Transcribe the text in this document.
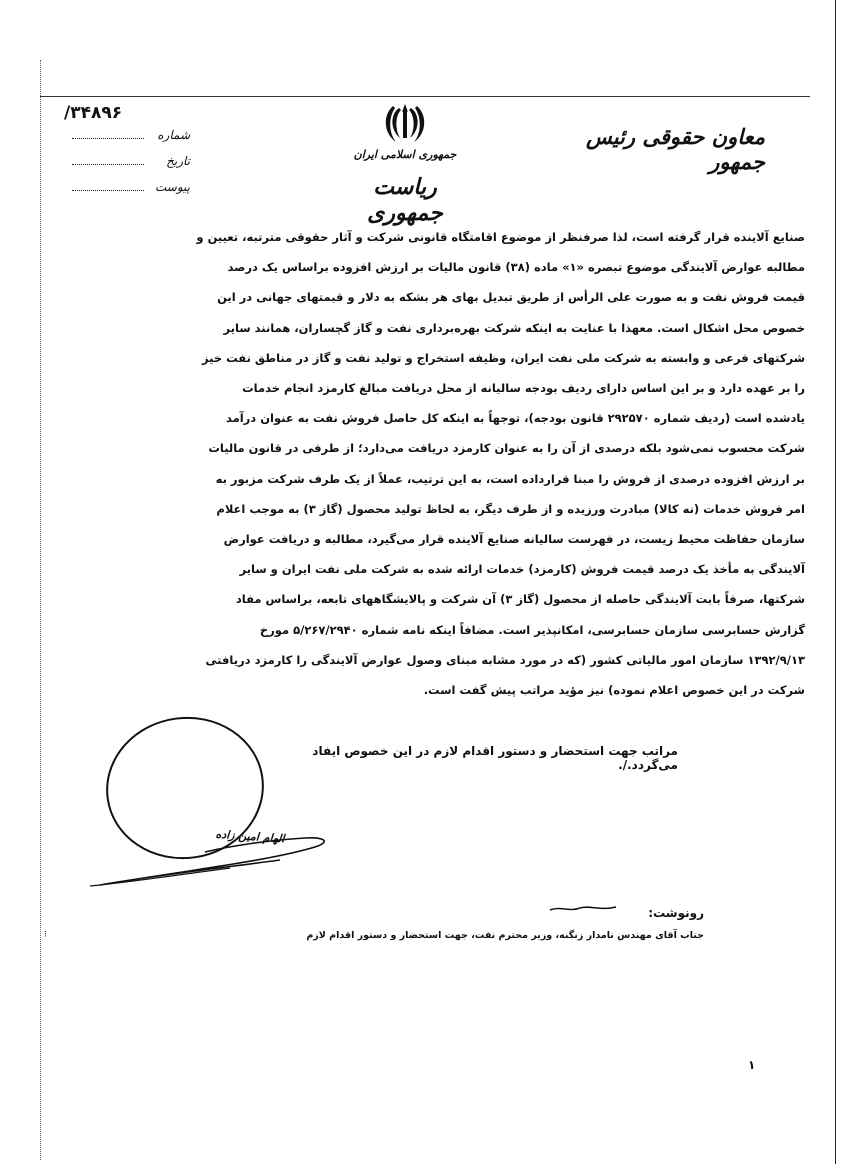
۳۴۸۹۶/
شماره
تاریخ
پیوست
جمهوری اسلامی ایران
ریاست جمهوری
معاون حقوقی رئیس جمهور

صنایع آلاینده قرار گرفته است، لذا صرفنظر از موضوع اقامتگاه قانونی شرکت و آثار حقوقی مترتبه، تعیین و

مطالبه عوارض آلایندگی موضوع تبصره «۱» ماده (۳۸) قانون مالیات بر ارزش افزوده براساس یک درصد

قیمت فروش نفت و به صورت علی الرأس از طریق تبدیل بهای هر بشکه به دلار و قیمتهای جهانی در این

خصوص محل اشکال است. معهذا با عنایت به اینکه شرکت بهره‌برداری نفت و گاز گچساران، همانند سایر

شرکتهای فرعی و وابسته به شرکت ملی نفت ایران، وظیفه استخراج و تولید نفت و گاز در مناطق نفت خیز

را بر عهده دارد و بر این اساس دارای ردیف بودجه سالیانه از محل دریافت مبالغ کارمزد انجام خدمات

یادشده است (ردیف شماره ۲۹۲۵۷۰ قانون بودجه)، توجهاً به اینکه کل حاصل فروش نفت به عنوان درآمد

شرکت محسوب نمی‌شود بلکه درصدی از آن را به عنوان کارمزد دریافت می‌دارد؛ از طرفی در قانون مالیات

بر ارزش افزوده درصدی از فروش را مبنا قرارداده است، به این ترتیب، عملاً از یک طرف شرکت مزبور به

امر فروش خدمات (نه کالا) مبادرت ورزیده و از طرف دیگر، به لحاظ تولید محصول (گاز ۳) به موجب اعلام

سازمان حفاظت محیط زیست، در فهرست سالیانه صنایع آلاینده قرار می‌گیرد، مطالبه و دریافت عوارض

آلایندگی به مأخذ یک درصد قیمت فروش (کارمزد) خدمات ارائه شده به شرکت ملی نفت ایران و سایر

شرکتها، صرفاً بابت آلایندگی حاصله از محصول (گاز ۳) آن شرکت و پالایشگاههای تابعه، براساس مفاد

گزارش حسابرسی سازمان حسابرسی، امکانپذیر است. مضافاً اینکه نامه شماره ۵/۲۶۷/۲۹۴۰ مورخ

۱۳۹۲/۹/۱۳ سازمان امور مالیاتی کشور (که در مورد مشابه مبنای وصول عوارض آلایندگی را کارمزد دریافتی

شرکت در این خصوص اعلام نموده) نیز مؤید مراتب پیش گفت است.

مراتب جهت استحضار و دستور اقدام لازم در این خصوص ایفاد می‌گردد./.
الهام امین زاده
رونوشت:
جناب آقای مهندس نامدار زنگنه، وزیر محترم نفت، جهت استحضار و دستور اقدام لازم
۱
⁝
